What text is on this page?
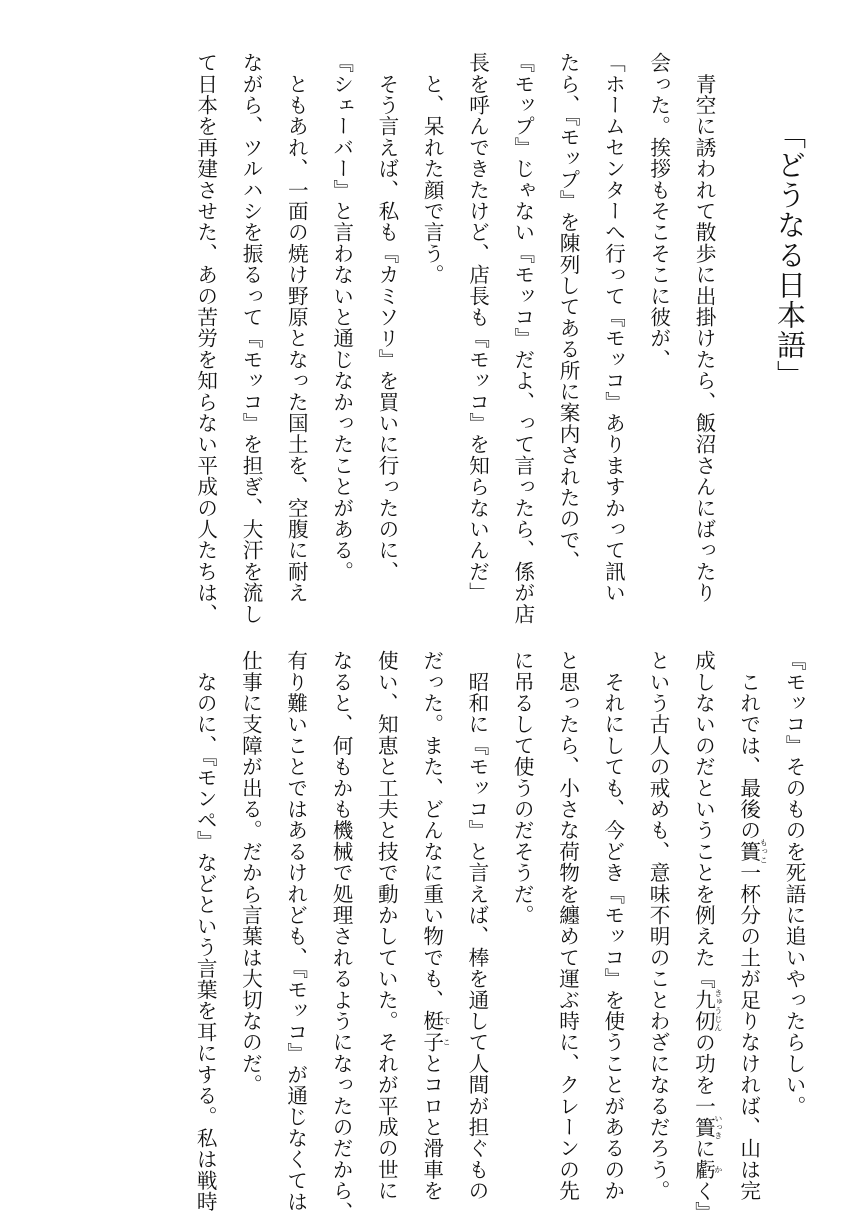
「どうなる日本語」

　青空に誘われて散歩に出掛けたら、飯沼さんにばったり

会った。挨拶もそこそこに彼が、

「ホームセンターへ行って『モッコ』ありますかって訊い

たら、『モップ』を陳列してある所に案内されたので、

『モップ』じゃない『モッコ』だよ、って言ったら、係が店

長を呼んできたけど、店長も『モッコ』を知らないんだ」

　と、呆れた顔で言う。

　そう言えば、私も『カミソリ』を買いに行ったのに、

『シェーバー』と言わないと通じなかったことがある。

　ともあれ、一面の焼け野原となった国土を、空腹に耐え

ながら、ツルハシを振るって『モッコ』を担ぎ、大汗を流し

て日本を再建させた、あの苦労を知らない平成の人たちは、

『モッコ』そのものを死語に追いやったらしい。

　これでは、最後の簣もっこ一杯分の土が足りなければ、山は完

成しないのだということを例えた『九仞きゅうじんの功を一簣いっきに虧かく』

という古人の戒めも、意味不明のことわざになるだろう。

　それにしても、今どき『モッコ』を使うことがあるのか

と思ったら、小さな荷物を纏めて運ぶ時に、クレーンの先

に吊るして使うのだそうだ。

　昭和に『モッコ』と言えば、棒を通して人間が担ぐもの

だった。また、どんなに重い物でも、梃子てことコロと滑車を

使い、知恵と工夫と技で動かしていた。それが平成の世に

なると、何もかも機械で処理されるようになったのだから、

有り難いことではあるけれども、『モッコ』が通じなくては

仕事に支障が出る。だから言葉は大切なのだ。

　なのに、『モンペ』などという言葉を耳にする。私は戦時
